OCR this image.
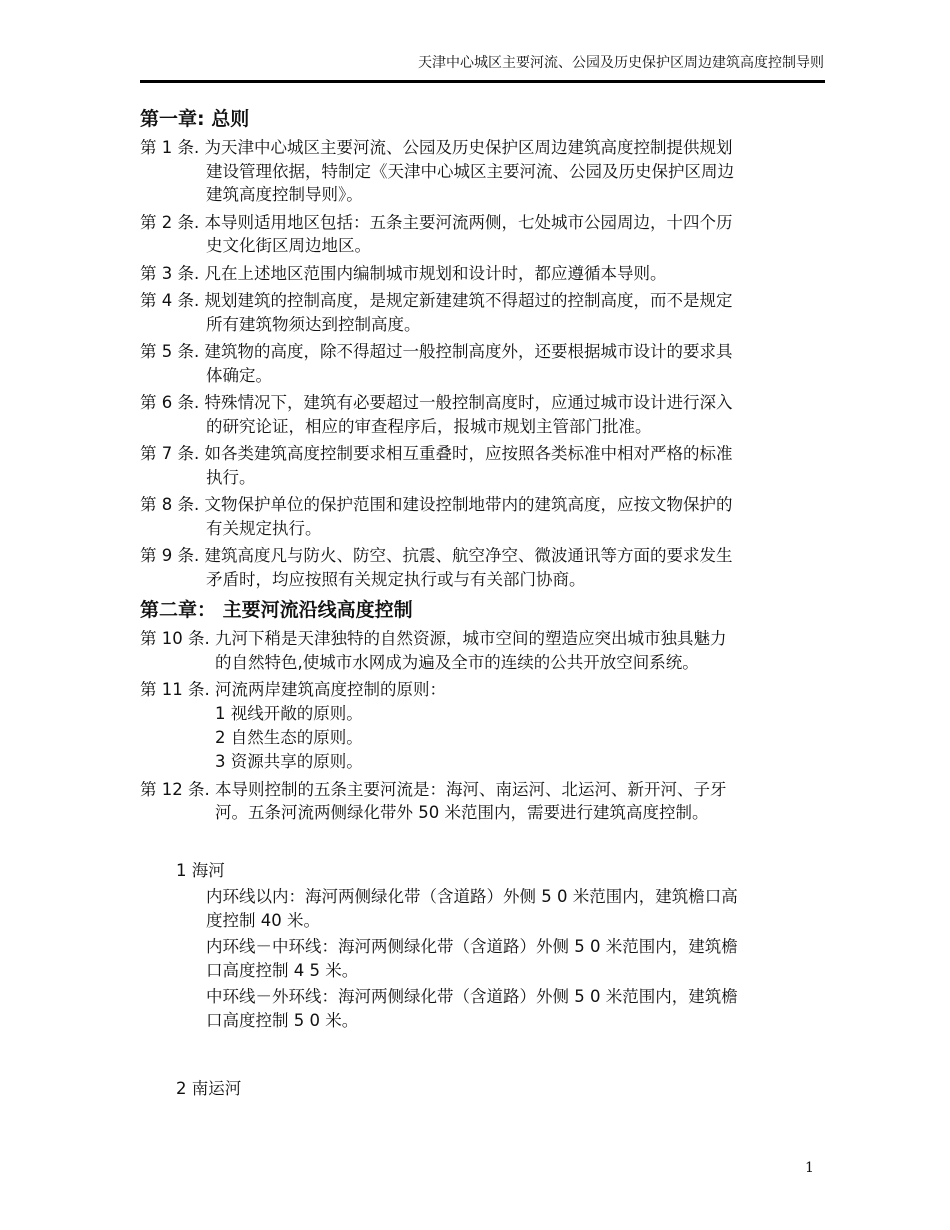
天津中心城区主要河流、公园及历史保护区周边建筑高度控制导则
第一章: 总则
第 1 条. 为天津中心城区主要河流、公园及历史保护区周边建筑高度控制提供规划
建设管理依据，特制定《天津中心城区主要河流、公园及历史保护区周边
建筑高度控制导则》。
第 2 条. 本导则适用地区包括：五条主要河流两侧，七处城市公园周边，十四个历
史文化街区周边地区。
第 3 条. 凡在上述地区范围内编制城市规划和设计时，都应遵循本导则。
第 4 条. 规划建筑的控制高度，是规定新建建筑不得超过的控制高度，而不是规定
所有建筑物须达到控制高度。
第 5 条. 建筑物的高度，除不得超过一般控制高度外，还要根据城市设计的要求具
体确定。
第 6 条. 特殊情况下，建筑有必要超过一般控制高度时，应通过城市设计进行深入
的研究论证，相应的审查程序后，报城市规划主管部门批准。
第 7 条. 如各类建筑高度控制要求相互重叠时，应按照各类标准中相对严格的标准
执行。
第 8 条. 文物保护单位的保护范围和建设控制地带内的建筑高度，应按文物保护的
有关规定执行。
第 9 条. 建筑高度凡与防火、防空、抗震、航空净空、微波通讯等方面的要求发生
矛盾时，均应按照有关规定执行或与有关部门协商。
第二章： 主要河流沿线高度控制
第 10 条. 九河下稍是天津独特的自然资源，城市空间的塑造应突出城市独具魅力
的自然特色,使城市水网成为遍及全市的连续的公共开放空间系统。
第 11 条. 河流两岸建筑高度控制的原则：
1 视线开敞的原则。
2 自然生态的原则。
3 资源共享的原则。
第 12 条. 本导则控制的五条主要河流是：海河、南运河、北运河、新开河、子牙
河。五条河流两侧绿化带外 50 米范围内，需要进行建筑高度控制。
1 海河
内环线以内：海河两侧绿化带（含道路）外侧 5 0 米范围内，建筑檐口高
度控制 40 米。
内环线－中环线：海河两侧绿化带（含道路）外侧 5 0 米范围内，建筑檐
口高度控制 4 5 米。
中环线－外环线：海河两侧绿化带（含道路）外侧 5 0 米范围内，建筑檐
口高度控制 5 0 米。
2 南运河
1
